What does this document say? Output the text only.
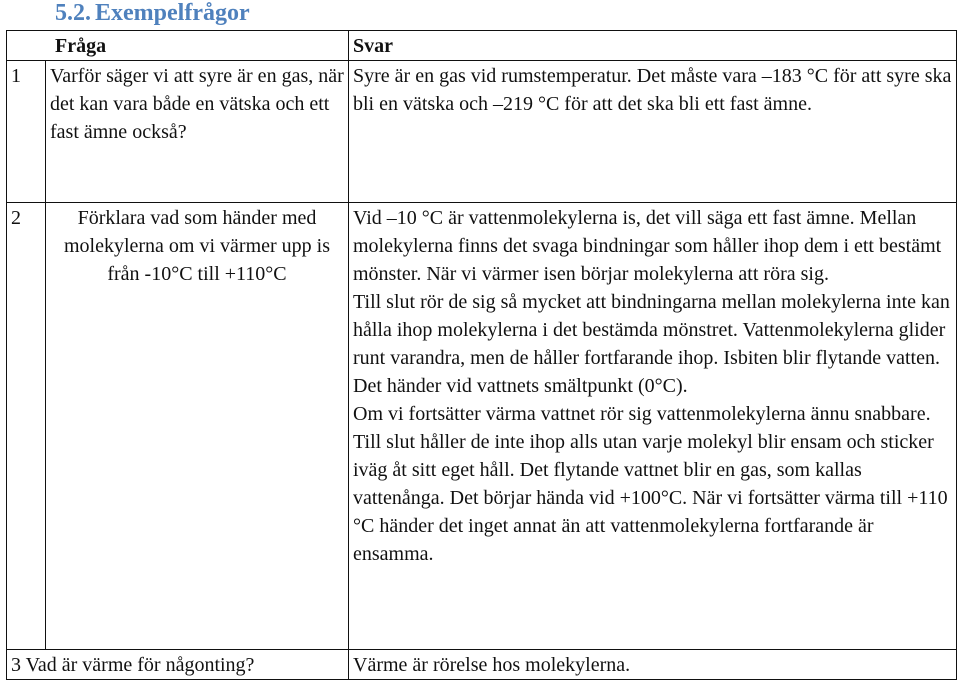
5.2. Exempelfrågor
Fråga		Svar
1	Varför säger vi att syre är en gas, när det kan vara både en vätska och ett fast ämne också?	Syre är en gas vid rumstemperatur. Det måste vara –183 °C för att syre ska bli en vätska och –219 °C för att det ska bli ett fast ämne.

2	Förklara vad som händer med molekylerna om vi värmer upp is från -10°C till +110°C	Vid –10 °C är vattenmolekylerna is, det vill säga ett fast ämne. Mellan molekylerna finns det svaga bindningar som håller ihop dem i ett bestämt mönster. När vi värmer isen börjar molekylerna att röra sig.

Till slut rör de sig så mycket att bindningarna mellan molekylerna inte kan hålla ihop molekylerna i det bestämda mönstret. Vattenmolekylerna glider runt varandra, men de håller fortfarande ihop. Isbiten blir flytande vatten. Det händer vid vattnets smältpunkt (0°C).

Om vi fortsätter värma vattnet rör sig vattenmolekylerna ännu snabbare. Till slut håller de inte ihop alls utan varje molekyl blir ensam och sticker iväg åt sitt eget håll. Det flytande vattnet blir en gas, som kallas vattenånga. Det börjar hända vid +100°C. När vi fortsätter värma till +110 °C händer det inget annat än att vattenmolekylerna fortfarande är ensamma.

3 Vad är värme för någonting?		Värme är rörelse hos molekylerna.
